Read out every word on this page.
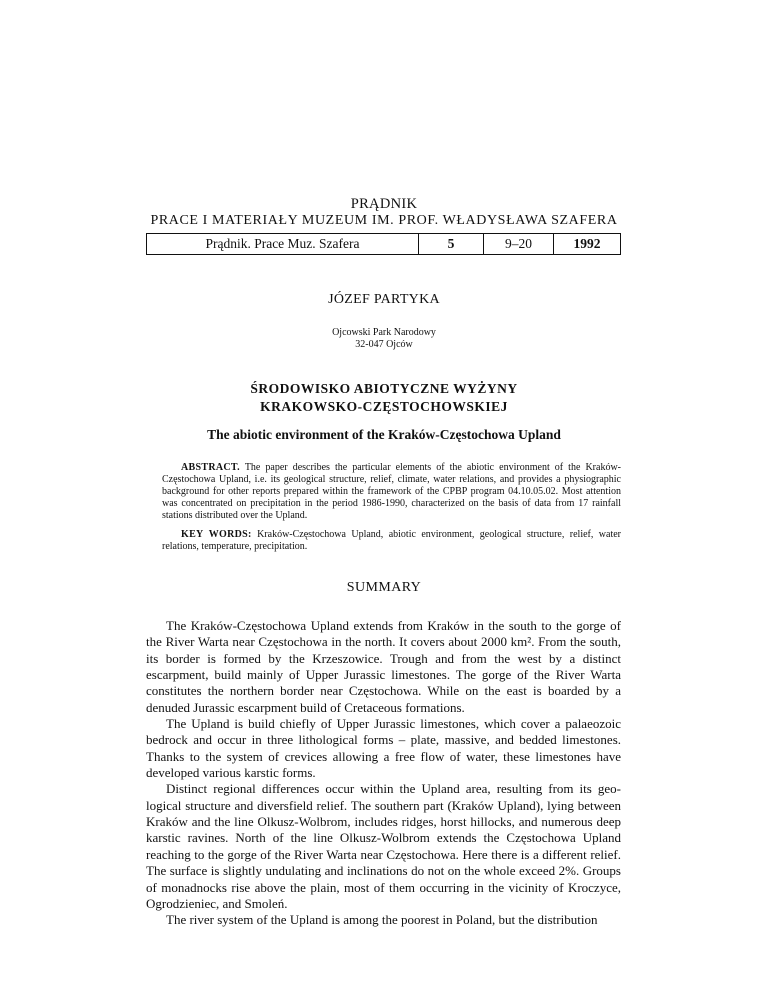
PRĄDNIK
PRACE I MATERIAŁY MUZEUM IM. PROF. WŁADYSŁAWA SZAFERA
Prądnik. Prace Muz. Szafera	5	9–20	1992
JÓZEF PARTYKA
Ojcowski Park Narodowy
32-047 Ojców
ŚRODOWISKO ABIOTYCZNE WYŻYNY
KRAKOWSKO-CZĘSTOCHOWSKIEJ
The abiotic environment of the Kraków-Częstochowa Upland
ABSTRACT. The paper describes the particular elements of the abiotic environment of the Kraków-Częstochowa Upland, i.e. its geological structure, relief, climate, water relations, and provides a physiographic background for other reports prepared within the framework of the CPBP program 04.10.05.02. Most attention was concentrated on precipitation in the period 1986-1990, characterized on the basis of data from 17 rainfall stations distributed over the Upland.
KEY WORDS: Kraków-Częstochowa Upland, abiotic environment, geological structure, relief, water relations, temperature, precipitation.
SUMMARY

The Kraków-Częstochowa Upland extends from Kraków in the south to the gorge of the River Warta near Częstochowa in the north. It covers about 2000 km². From the south, its border is formed by the Krzeszowice. Trough and from the west by a distinct escarpment, build mainly of Upper Jurassic limestones. The gorge of the River Warta constitutes the northern border near Częstochowa. While on the east is boarded by a denuded Jurassic escarpment build of Cretaceous formations.

The Upland is build chiefly of Upper Jurassic limestones, which cover a palaeozoic bedrock and occur in three lithological forms – plate, massive, and bedded limestones. Thanks to the system of crevices allowing a free flow of water, these limestones have developed various karstic forms.

Distinct regional differences occur within the Upland area, resulting from its geological structure and diversfield relief. The southern part (Kraków Upland), lying between Kraków and the line Olkusz-Wolbrom, includes ridges, horst hillocks, and numerous deep karstic ravines. North of the line Olkusz-Wolbrom extends the Częstochowa Upland reaching to the gorge of the River Warta near Częstochowa. Here there is a different relief. The surface is slightly undulating and inclinations do not on the whole exceed 2%. Groups of monadnocks rise above the plain, most of them occurring in the vicinity of Kroczyce, Ogrodzieniec, and Smoleń.

The river system of the Upland is among the poorest in Poland, but the distribution
